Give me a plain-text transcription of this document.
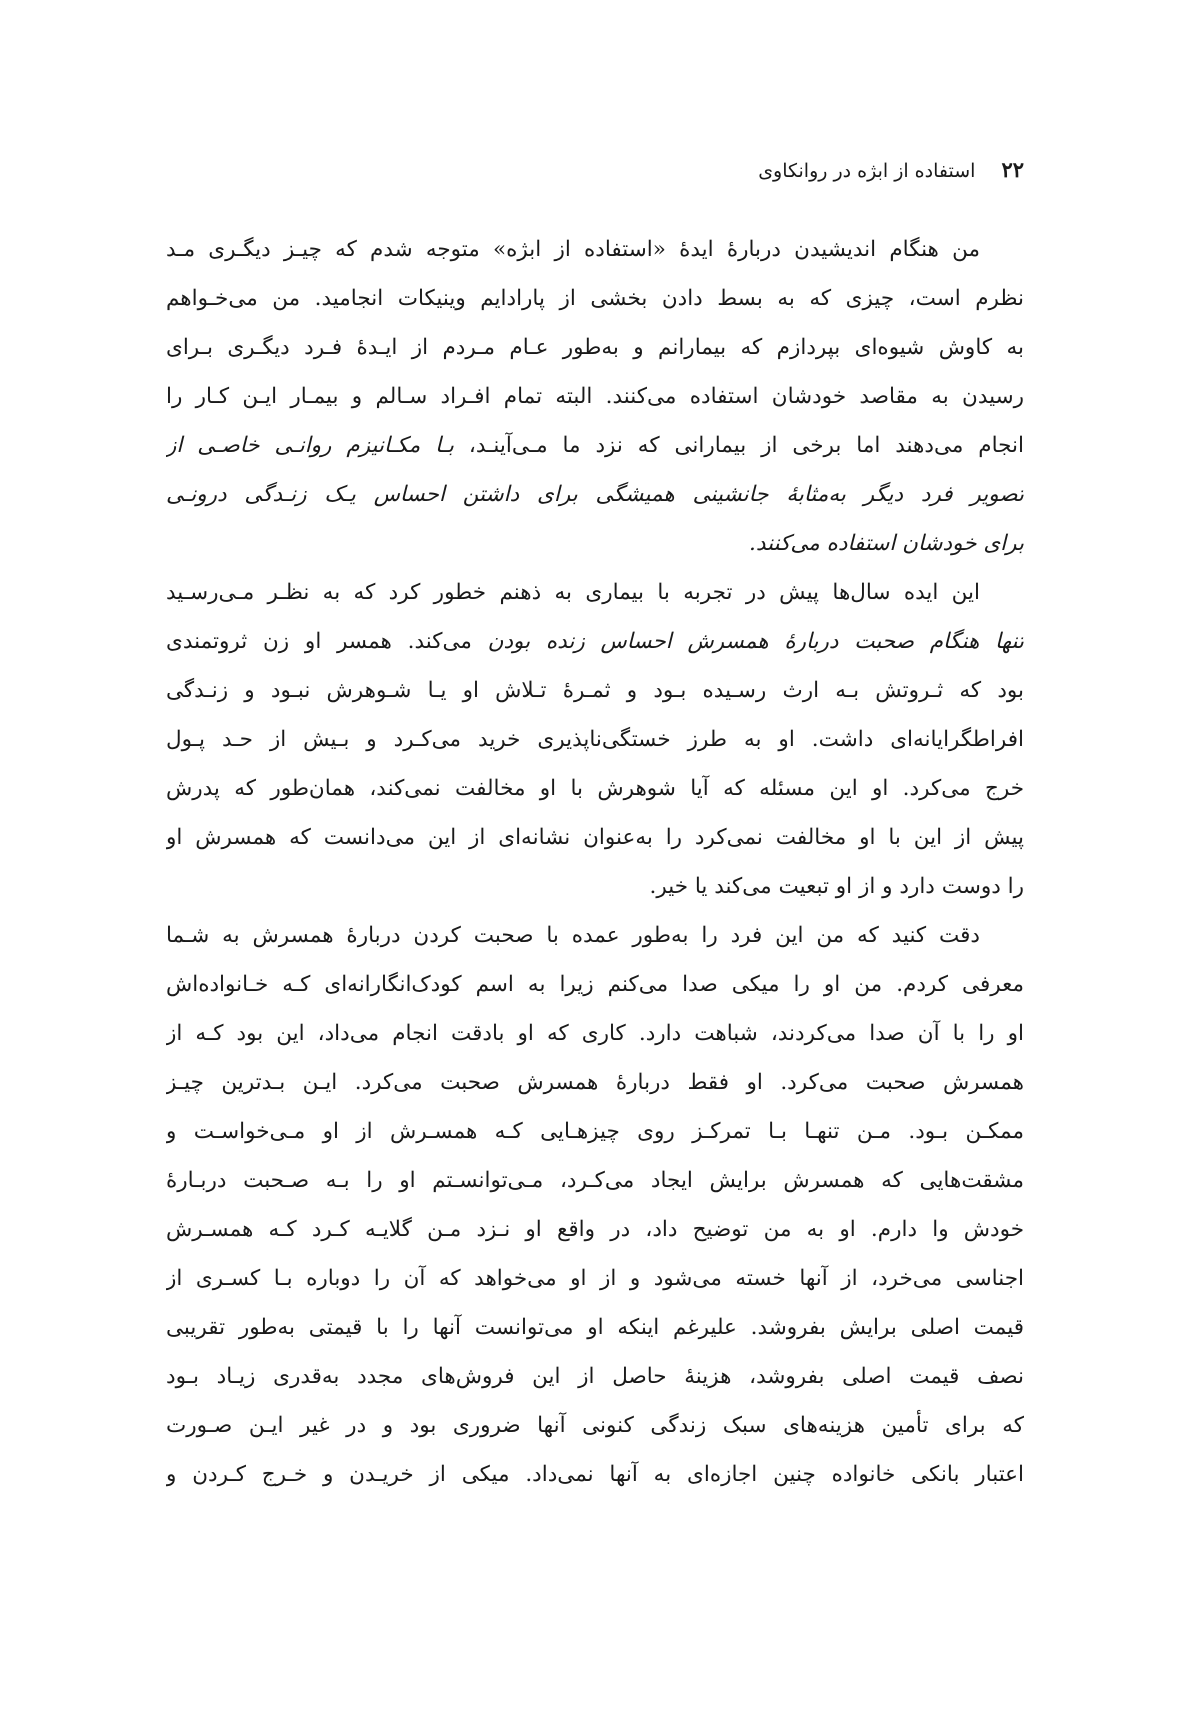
۲۲
استفاده از ابژه در روانکاوی
من هنگام اندیشیدن دربارهٔ ایدهٔ «استفاده از ابژه» متوجه شدم که چیـز دیگـری مـد
نظرم است، چیزی که به بسط دادن بخشی از پارادایم وینیکات انجامید. من می‌خـواهم
به کاوش شیوه‌ای بپردازم که بیمارانم و به‌طور عـام مـردم از ایـدهٔ فـرد دیگـری بـرای
رسیدن به مقاصد خودشان استفاده می‌کنند. البته تمام افـراد سـالم و بیمـار ایـن کـار را
انجام می‌دهند اما برخی از بیمارانی که نزد ما مـی‌آینـد، بـا مکـانیزم روانـی خاصـی از
تصویر فرد دیگر به‌مثابهٔ جانشینی همیشگی برای داشتن احساس یـک زنـدگی درونـی
برای خودشان استفاده می‌کنند.
این ایده سال‌ها پیش در تجربه با بیماری به ذهنم خطور کرد که به نظـر مـی‌رسـید
تنها هنگام صحبت دربارهٔ همسرش احساس زنده بودن می‌کند. همسر او زن ثروتمندی
بود که ثـروتش بـه ارث رسـیده بـود و ثمـرهٔ تـلاش او یـا شـوهرش نبـود و زنـدگی
افراطگرایانه‌ای داشت. او به طرز خستگی‌ناپذیری خرید می‌کـرد و بـیش از حـد پـول
خرج می‌کرد. او این مسئله که آیا شوهرش با او مخالفت نمی‌کند، همان‌طور که پدرش
پیش از این با او مخالفت نمی‌کرد را به‌عنوان نشانه‌ای از این می‌دانست که همسرش او
را دوست دارد و از او تبعیت می‌کند یا خیر.
دقت کنید که من این فرد را به‌طور عمده با صحبت کردن دربارهٔ همسرش به شـما
معرفی کردم. من او را میکی صدا می‌کنم زیرا به اسم کودک‌انگارانه‌ای کـه خـانواده‌اش
او را با آن صدا می‌کردند، شباهت دارد. کاری که او بادقت انجام می‌داد، این بود کـه از
همسرش صحبت می‌کرد. او فقط دربارهٔ همسرش صحبت می‌کرد. ایـن بـدترین چیـز
ممکـن بـود. مـن تنهـا بـا تمرکـز روی چیزهـایی کـه همسـرش از او مـی‌خواسـت و
مشقت‌هایی که همسرش برایش ایجاد می‌کـرد، مـی‌توانسـتم او را بـه صـحبت دربـارهٔ
خودش وا دارم. او به من توضیح داد، در واقع او نـزد مـن گلایـه کـرد کـه همسـرش
اجناسی می‌خرد، از آنها خسته می‌شود و از او می‌خواهد که آن را دوباره بـا کسـری از
قیمت اصلی برایش بفروشد. علیرغم اینکه او می‌توانست آنها را با قیمتی به‌طور تقریبی
نصف قیمت اصلی بفروشد، هزینهٔ حاصل از این فروش‌های مجدد به‌قدری زیـاد بـود
که برای تأمین هزینه‌های سبک زندگی کنونی آنها ضروری بود و در غیر ایـن صـورت
اعتبار بانکی خانواده چنین اجازه‌ای به آنها نمی‌داد. میکی از خریـدن و خـرج کـردن و
